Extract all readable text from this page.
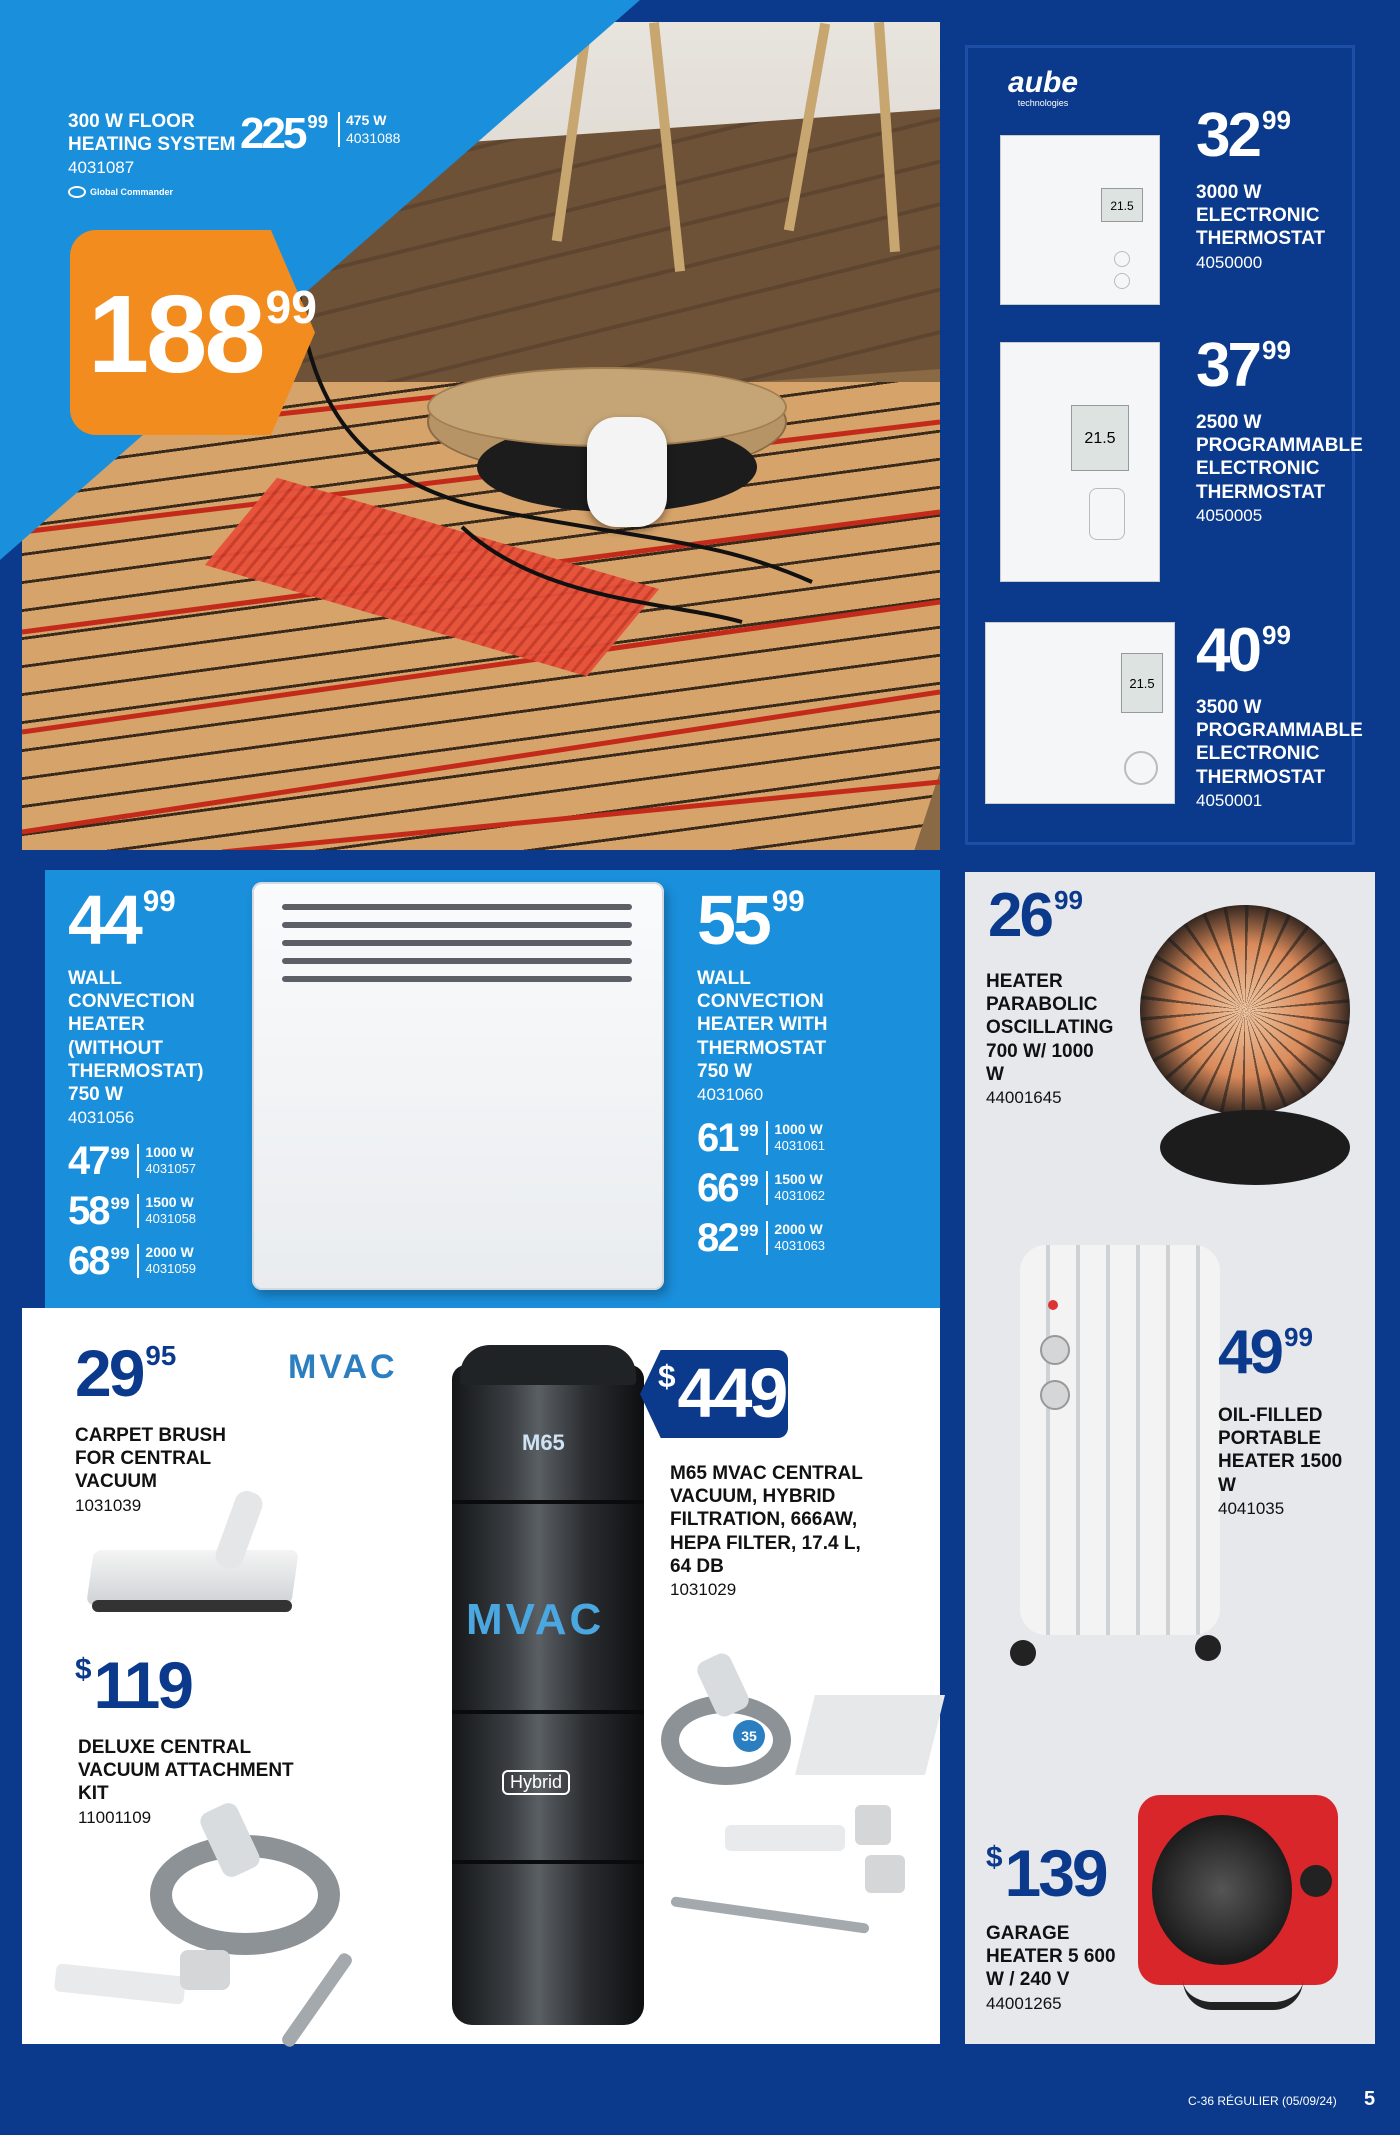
300 W FLOOR
HEATING SYSTEM
4031087
Global Commander
225 99 475 W
4031088
188 99
aube
technologies
21.5
21.5
21.5
32 99
3000 W ELECTRONIC THERMOSTAT
4050000
37 99
2500 W PROGRAMMABLE ELECTRONIC THERMOSTAT
4050005
40 99
3500 W PROGRAMMABLE ELECTRONIC THERMOSTAT
4050001
44 99
WALL CONVECTION HEATER (WITHOUT THERMOSTAT)
750 W
4031056
47 99 1000 W
4031057
58 99 1500 W
4031058
68 99 2000 W
4031059
55 99
WALL CONVECTION HEATER WITH THERMOSTAT
750 W
4031060
61 99 1000 W
4031061
66 99 1500 W
4031062
82 99 2000 W
4031063
26 99
HEATER PARABOLIC OSCILLATING 700 W/ 1000 W
44001645
49 99
OIL-FILLED PORTABLE HEATER 1500 W
4041035
$ 139
GARAGE HEATER 5 600 W / 240 V
44001265
29 95
CARPET BRUSH FOR CENTRAL VACUUM
1031039
MVAC
$ 119
DELUXE CENTRAL VACUUM ATTACHMENT KIT
11001109
M65
MVAC
Hybrid
$ 449
M65 MVAC CENTRAL VACUUM, HYBRID FILTRATION, 666AW, HEPA FILTER, 17.4 L, 64 DB
1031029
35
C-36 RÉGULIER (05/09/24) 5
